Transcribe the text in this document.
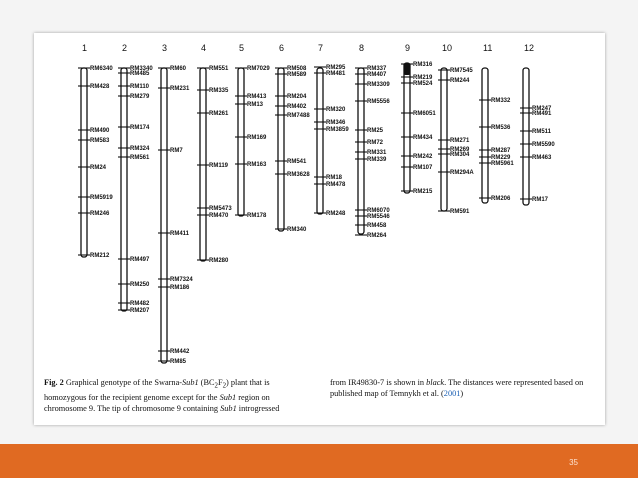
1
RM6340
RM428
RM490
RM583
RM24
RM5919
RM246
RM212
2
RM3340
RM485
RM110
RM279
RM174
RM324
RM561
RM497
RM250
RM482
RM207
3
RM60
RM231
RM7
RM411
RM7324
RM186
RM442
RM85
4
RM551
RM335
RM261
RM119
RM5473
RM470
RM280
5
RM7029
RM413
RM13
RM169
RM163
RM178
6
RM508
RM589
RM204
RM402
RM7488
RM541
RM3628
RM340
7
RM295
RM481
RM320
RM346
RM3859
RM18
RM478
RM248
8
RM337
RM407
RM3309
RM5556
RM25
RM72
RM331
RM339
RM6070
RM5546
RM458
RM264
9
RM316
RM219
RM524
RM6051
RM434
RM242
RM107
RM215
10
RM7545
RM244
RM271
RM269
RM304
RM294A
RM591
11
RM332
RM536
RM287
RM229
RM5961
RM206
12
RM247
RM491
RM511
RM5590
RM463
RM17
Fig. 2 Graphical genotype of the Swarna-Sub1 $(BC_2F_2)$ plant that is homozygous for the recipient genome except for the Sub1 region on chromosome 9. The tip of chromosome 9 containing Sub1 introgressed
from IR49830-7 is shown in black. The distances were represented based on published map of Temnykh et al. (2001)
35
